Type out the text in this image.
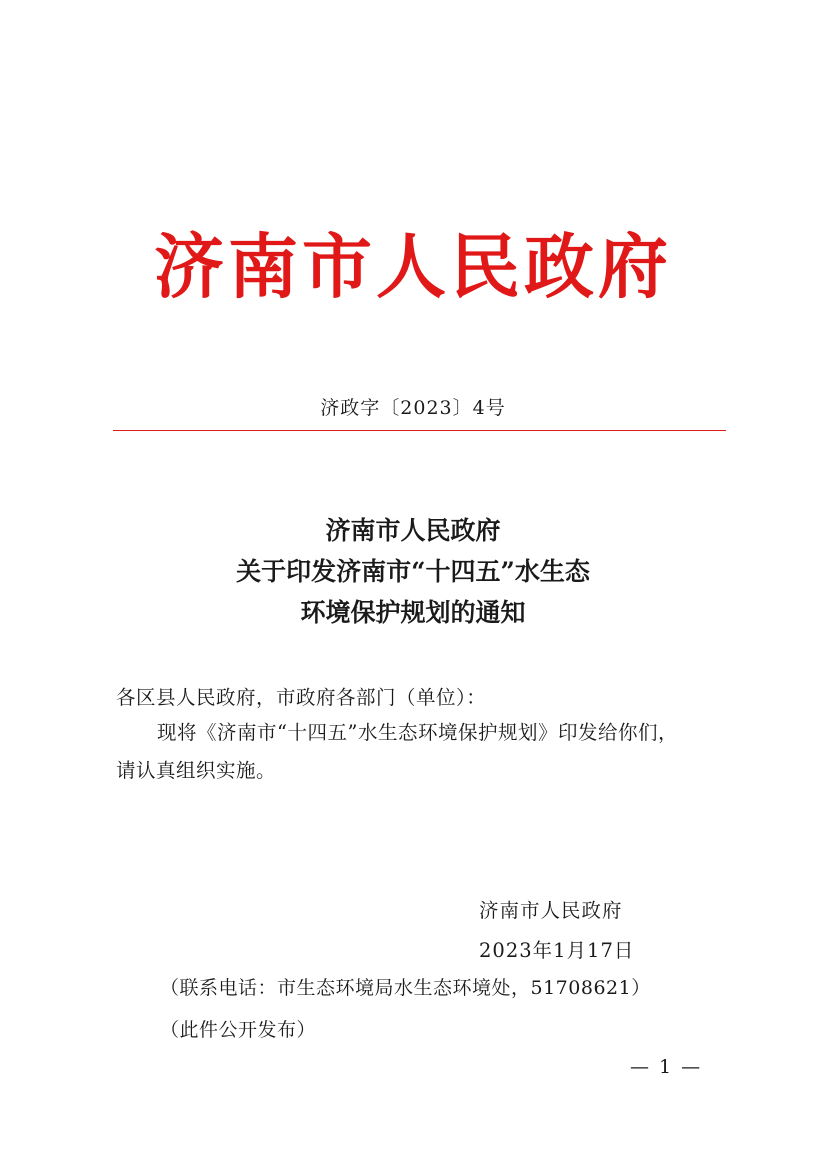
济南市人民政府
济政字〔2023〕4号
济南市人民政府
关于印发济南市“十四五”水生态
环境保护规划的通知
各区县人民政府，市政府各部门（单位）：
现将《济南市“十四五”水生态环境保护规划》印发给你们，
请认真组织实施。
济南市人民政府
2023年1月17日
（联系电话：市生态环境局水生态环境处，51708621）
（此件公开发布）
— 1 —
